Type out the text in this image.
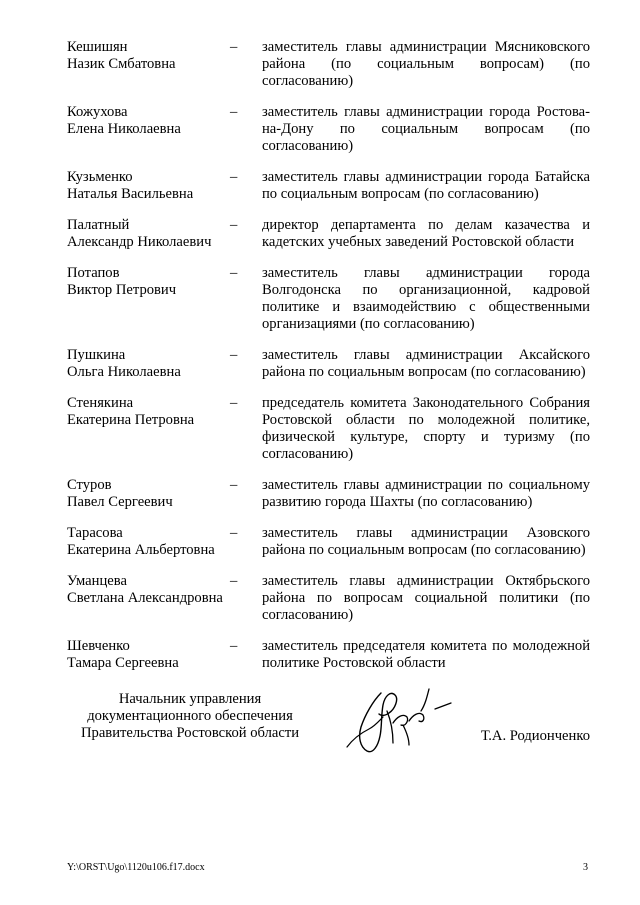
Кешишян
Назик Смбатовна
–	заместитель главы администрации Мясниковского района (по социальным вопросам) (по согласованию)
Кожухова
Елена Николаевна
–	заместитель главы администрации города Ростова-на-Дону по социальным вопросам (по согласованию)
Кузьменко
Наталья Васильевна
–	заместитель главы администрации города Батайска по социальным вопросам (по согласованию)
Палатный
Александр Николаевич
–	директор департамента по делам казачества и кадетских учебных заведений Ростовской области
Потапов
Виктор Петрович
–	заместитель главы администрации города Волгодонска по организационной, кадровой политике и взаимодействию с общественными организациями (по согласованию)
Пушкина
Ольга Николаевна
–	заместитель главы администрации Аксайского района по социальным вопросам (по согласованию)
Стенякина
Екатерина Петровна
–	председатель комитета Законодательного Собрания Ростовской области по молодежной политике, физической культуре, спорту и туризму (по согласованию)
Стуров
Павел Сергеевич
–	заместитель главы администрации по социальному развитию города Шахты (по согласованию)
Тарасова
Екатерина Альбертовна
–	заместитель главы администрации Азовского района по социальным вопросам (по согласованию)
Уманцева
Светлана Александровна
–	заместитель главы администрации Октябрьского района по вопросам социальной политики (по согласованию)
Шевченко
Тамара Сергеевна
–	заместитель председателя комитета по молодежной политике Ростовской области
Начальник управления
документационного обеспечения
Правительства Ростовской области	Т.А. Родионченко
Y:\ORST\Ugo\1120u106.f17.docx	3
